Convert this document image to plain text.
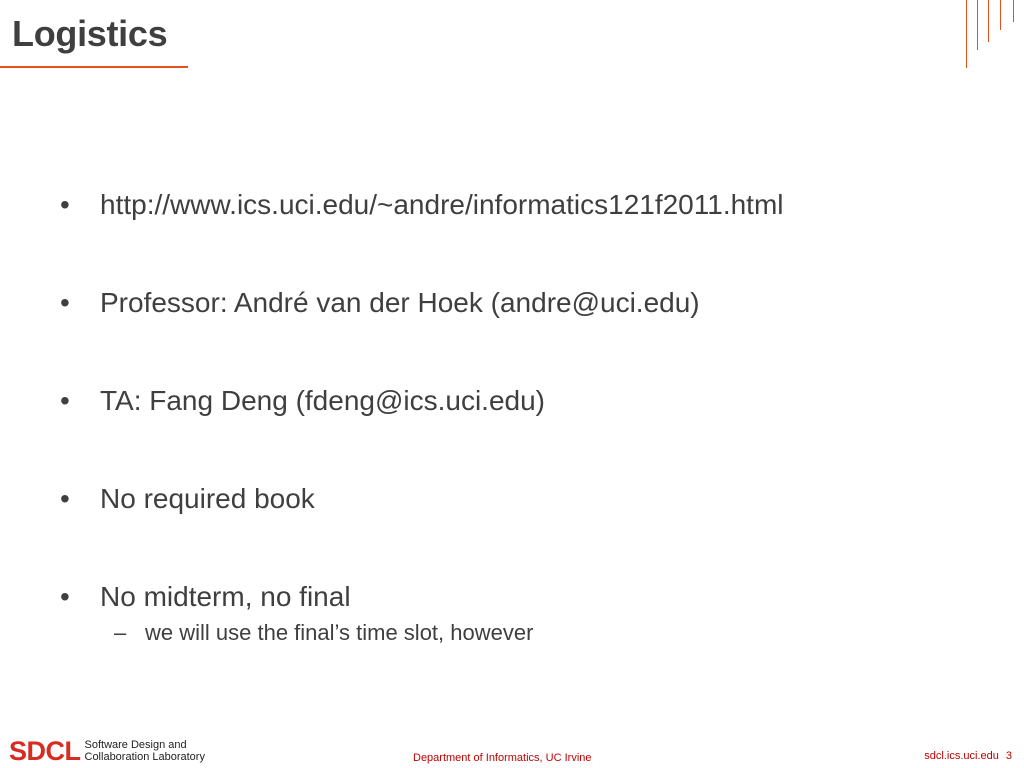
Logistics
• http://www.ics.uci.edu/~andre/informatics121f2011.html
• Professor: André van der Hoek (andre@uci.edu)
• TA: Fang Deng (fdeng@ics.uci.edu)
• No required book
• No midterm, no final
– we will use the final’s time slot, however
SDCL Software Design and
Collaboration Laboratory	Department of Informatics, UC Irvine	sdcl.ics.uci.edu 3
